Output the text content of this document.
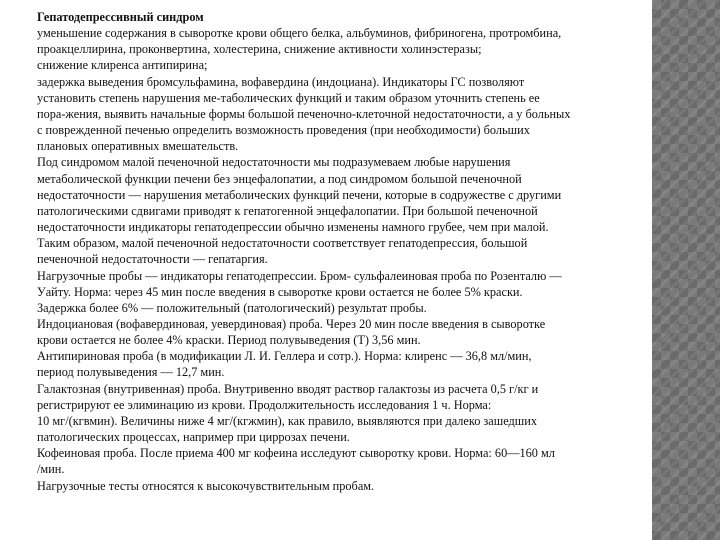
Гепатодепрессивный синдром
уменьшение содержания в сыворотке крови общего белка, альбуминов, фибриногена, протромбина,
проакцеллирина, проконвертина, холестерина, снижение активности холинэстеразы;
снижение клиренса антипирина;
задержка выведения бромсульфамина, вофавердина (индоциана). Индикаторы ГС позволяют
установить степень нарушения ме-таболических функций и таким образом уточнить степень ее
пора-жения, выявить начальные формы большой печеночно-клеточной недостаточности, а у больных
с поврежденной печенью определить возможность проведения (при необходимости) больших
плановых оперативных вмешательств.
Под синдромом малой печеночной недостаточности мы подразумеваем любые нарушения
метаболической функции печени без энцефалопатии, а под синдромом большой печеночной
недостаточности — нарушения метаболических функций печени, которые в содружестве с другими
патологическими сдвигами приводят к гепатогенной энцефалопатии. При большой печеночной
недостаточности индикаторы гепатодепрессии обычно изменены намного грубее, чем при малой.
Таким образом, малой печеночной недостаточности соответствует гепатодепрессия, большой
печеночной недостаточности — гепатаргия.
Нагрузочные пробы — индикаторы гепатодепрессии. Бром- сульфалеиновая проба по Розенталю —
Уайту. Норма: через 45 мин после введения в сыворотке крови остается не более 5% краски.
Задержка более 6% — положительный (патологический) результат пробы.
Индоциановая (вофавердиновая, уевердиновая) проба. Через 20 мин после введения в сыворотке
крови остается не более 4% краски. Период полувыведения (Т) 3,56 мин.
Антипириновая проба (в модификации Л. И. Геллера и сотр.). Норма: клиренс — 36,8 мл/мин,
период полувыведения — 12,7 мин.
Галактозная (внутривенная) проба. Внутривенно вводят раствор галактозы из расчета 0,5 г/кг и
регистрируют ее элиминацию из крови. Продолжительность исследования 1 ч. Норма:
10 мг/(кгвмин). Величины ниже 4 мг/(кгжмин), как правило, выявляются при далеко зашедших
патологических процессах, например при циррозах печени.
Кофеиновая проба. После приема 400 мг кофеина исследуют сыворотку крови. Норма: 60—160 мл
/мин.
Нагрузочные тесты относятся к высокочувствительным пробам.
